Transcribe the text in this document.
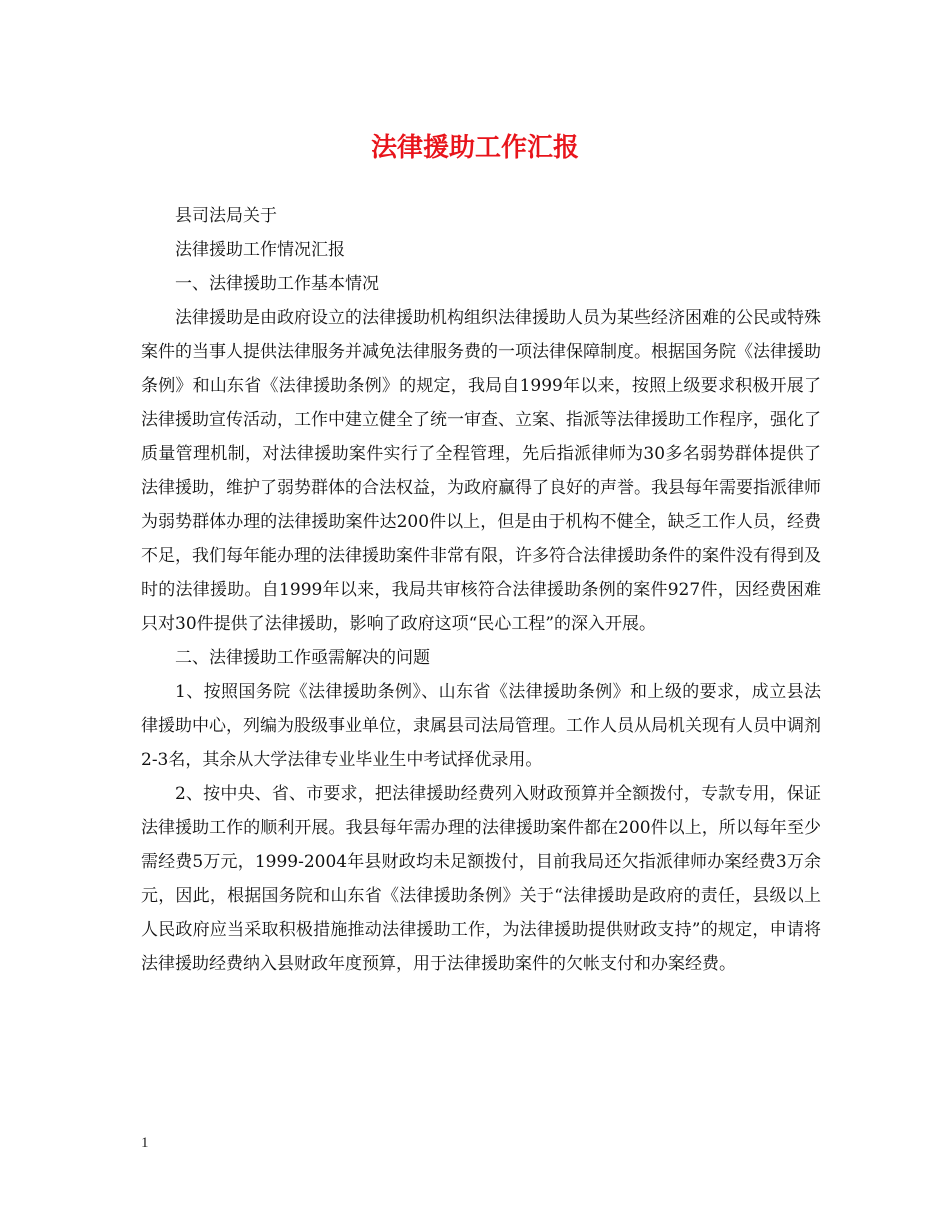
法律援助工作汇报

县司法局关于

法律援助工作情况汇报

一、法律援助工作基本情况

法律援助是由政府设立的法律援助机构组织法律援助人员为某些经济困难的公民或特殊案件的当事人提供法律服务并减免法律服务费的一项法律保障制度。根据国务院《法律援助条例》和山东省《法律援助条例》的规定，我局自1999年以来，按照上级要求积极开展了 法律援助宣传活动，工作中建立健全了统一审查、立案、指派等法律援助工作程序，强化了质量管理机制，对法律援助案件实行了全程管理，先后指派律师为30多名弱势群体提供了法律援助，维护了弱势群体的合法权益，为政府赢得了良好的声誉。我县每年需要指派律师为弱势群体办理的法律援助案件达200件以上，但是由于机构不健全，缺乏工作人员，经费不足，我们每年能办理的法律援助案件非常有限，许多符合法律援助条件的案件没有得到及时的法律援助。自1999年以来，我局共审核符合法律援助条例的案件927件，因经费困难只对30件提供了法律援助，影响了政府这项“民心工程”的深入开展。

二、法律援助工作亟需解决的问题

1、按照国务院《法律援助条例》、山东省《法律援助条例》和上级的要求，成立县法律援助中心，列编为股级事业单位，隶属县司法局管理。工作人员从局机关现有人员中调剂2-3名，其余从大学法律专业毕业生中考试择优录用。

2、按中央、省、市要求，把法律援助经费列入财政预算并全额拨付，专款专用，保证法律援助工作的顺利开展。我县每年需办理的法律援助案件都在200件以上，所以每年至少需经费5万元，1999-2004年县财政均未足额拨付，目前我局还欠指派律师办案经费3万余元，因此，根据国务院和山东省《法律援助条例》关于“法律援助是政府的责任，县级以上人民政府应当采取积极措施推动法律援助工作，为法律援助提供财政支持”的规定，申请将法律援助经费纳入县财政年度预算，用于法律援助案件的欠帐支付和办案经费。

1
